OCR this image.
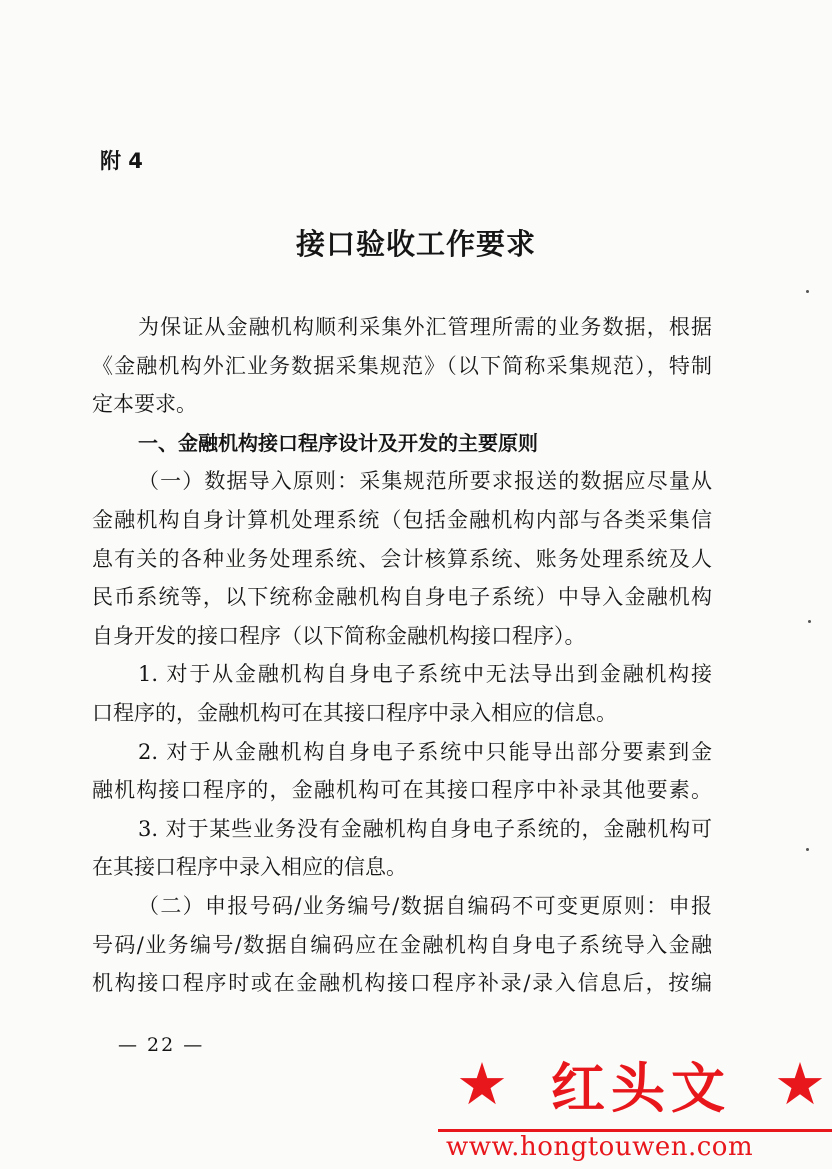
附 4
接口验收工作要求
为保证从金融机构顺利采集外汇管理所需的业务数据，根据
《金融机构外汇业务数据采集规范》（以下简称采集规范），特制
定本要求。
一、金融机构接口程序设计及开发的主要原则
（一）数据导入原则：采集规范所要求报送的数据应尽量从
金融机构自身计算机处理系统（包括金融机构内部与各类采集信
息有关的各种业务处理系统、会计核算系统、账务处理系统及人
民币系统等，以下统称金融机构自身电子系统）中导入金融机构
自身开发的接口程序（以下简称金融机构接口程序）。
1. 对于从金融机构自身电子系统中无法导出到金融机构接
口程序的，金融机构可在其接口程序中录入相应的信息。
2. 对于从金融机构自身电子系统中只能导出部分要素到金
融机构接口程序的，金融机构可在其接口程序中补录其他要素。
3. 对于某些业务没有金融机构自身电子系统的，金融机构可
在其接口程序中录入相应的信息。
（二）申报号码/业务编号/数据自编码不可变更原则：申报
号码/业务编号/数据自编码应在金融机构自身电子系统导入金融
机构接口程序时或在金融机构接口程序补录/录入信息后，按编
— 22 —
★ 红头文 ★
www.hongtouwen.com
